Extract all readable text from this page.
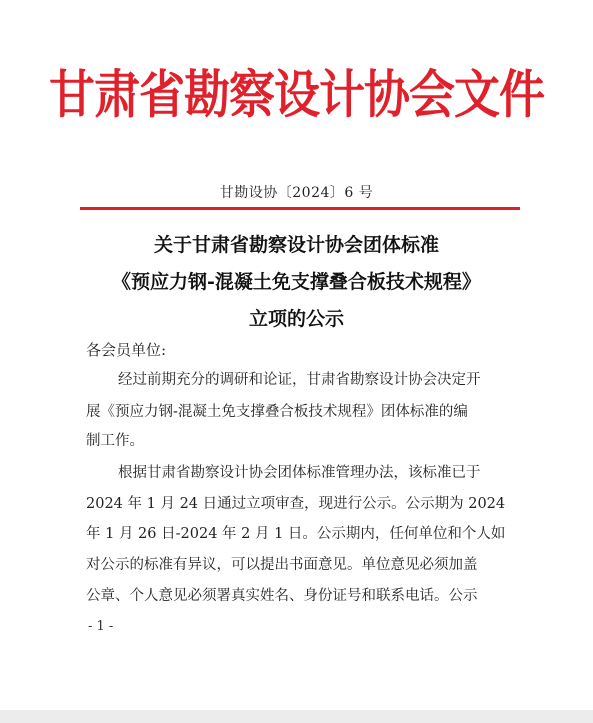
甘肃省勘察设计协会文件
甘勘设协〔2024〕6 号
关于甘肃省勘察设计协会团体标准
《预应力钢-混凝土免支撑叠合板技术规程》
立项的公示
各会员单位:
经过前期充分的调研和论证，甘肃省勘察设计协会决定开
展《预应力钢-混凝土免支撑叠合板技术规程》团体标准的编
制工作。
根据甘肃省勘察设计协会团体标准管理办法，该标准已于
2024 年 1 月 24 日通过立项审查，现进行公示。公示期为 2024
年 1 月 26 日-2024 年 2 月 1 日。公示期内，任何单位和个人如
对公示的标准有异议，可以提出书面意见。单位意见必须加盖
公章、个人意见必须署真实姓名、身份证号和联系电话。公示
- 1 -
